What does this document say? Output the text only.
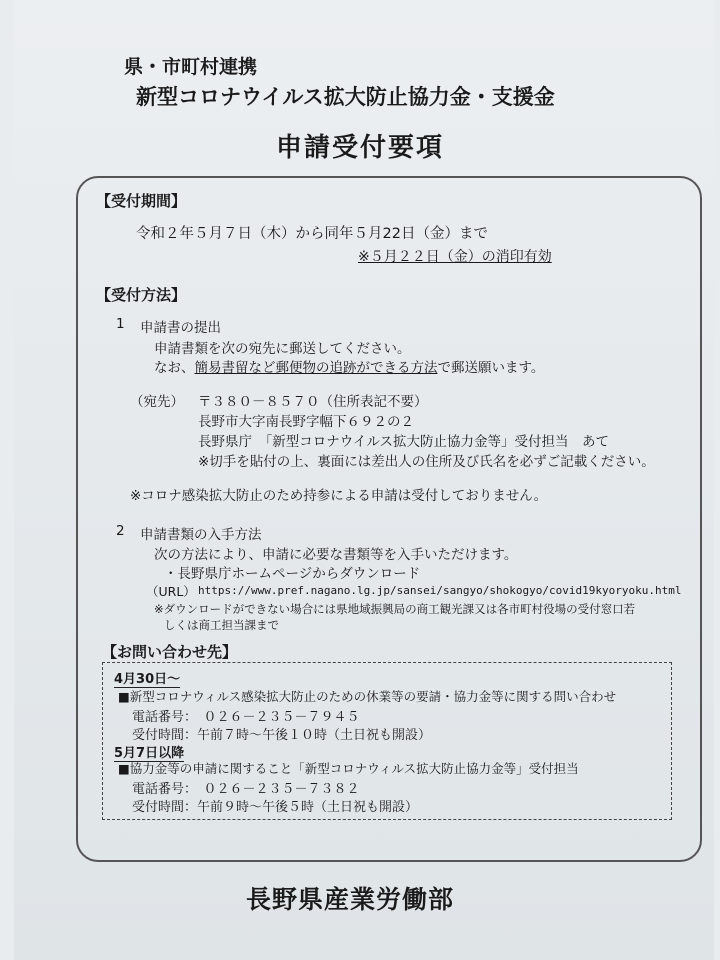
県・市町村連携
新型コロナウイルス拡大防止協力金・支援金
申請受付要項
【受付期間】
令和２年５月７日（木）から同年５月22日（金）まで
※５月２２日（金）の消印有効
【受付方法】
1 申請書の提出
申請書類を次の宛先に郵送してください。
なお、簡易書留など郵便物の追跡ができる方法で郵送願います。
（宛先） 〒３８０－８５７０（住所表記不要）
長野市大字南長野字幅下６９２の２
長野県庁　「新型コロナウイルス拡大防止協力金等」受付担当　あて
※切手を貼付の上、裏面には差出人の住所及び氏名を必ずご記載ください。
※コロナ感染拡大防止のため持参による申請は受付しておりません。
2 申請書類の入手方法
次の方法により、申請に必要な書類等を入手いただけます。
・長野県庁ホームページからダウンロード
（URL） https://www.pref.nagano.lg.jp/sansei/sangyo/shokogyo/covid19kyoryoku.html
※ダウンロードができない場合には県地域振興局の商工観光課又は各市町村役場の受付窓口若
しくは商工担当課まで
【お問い合わせ先】
4月30日～
■新型コロナウィルス感染拡大防止のための休業等の要請・協力金等に関する問い合わせ
電話番号：　０２６－２３５－７９４５
受付時間：午前７時～午後１０時（土日祝も開設）
5月7日以降
■協力金等の申請に関すること「新型コロナウィルス拡大防止協力金等」受付担当
電話番号：　０２６－２３５－７３８２
受付時間：午前９時～午後５時（土日祝も開設）
長野県産業労働部
